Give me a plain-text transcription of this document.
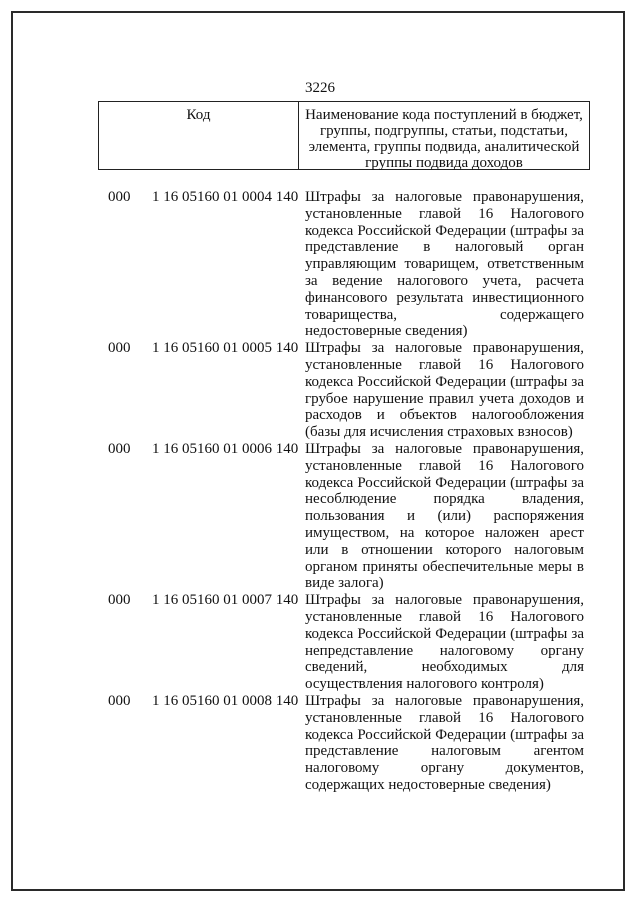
3226
Код	Наименование кода поступлений в бюджет, группы, подгруппы, статьи, подстатьи, элемента, группы подвида, аналитической группы подвида доходов
000 1 16 05160 01 0004 140 Штрафы за налоговые правонарушения, установленные главой 16 Налогового кодекса Российской Федерации (штрафы за представление в налоговый орган управляющим товарищем, ответственным за ведение налогового учета, расчета финансового результата инвестиционного товарищества, содержащего недостоверные сведения)
000 1 16 05160 01 0005 140 Штрафы за налоговые правонарушения, установленные главой 16 Налогового кодекса Российской Федерации (штрафы за грубое нарушение правил учета доходов и расходов и объектов налогообложения (базы для исчисления страховых взносов)
000 1 16 05160 01 0006 140 Штрафы за налоговые правонарушения, установленные главой 16 Налогового кодекса Российской Федерации (штрафы за несоблюдение порядка владения, пользования и (или) распоряжения имуществом, на которое наложен арест или в отношении которого налоговым органом приняты обеспечительные меры в виде залога)
000 1 16 05160 01 0007 140 Штрафы за налоговые правонарушения, установленные главой 16 Налогового кодекса Российской Федерации (штрафы за непредставление налоговому органу сведений, необходимых для осуществления налогового контроля)
000 1 16 05160 01 0008 140 Штрафы за налоговые правонарушения, установленные главой 16 Налогового кодекса Российской Федерации (штрафы за представление налоговым агентом налоговому органу документов, содержащих недостоверные сведения)
